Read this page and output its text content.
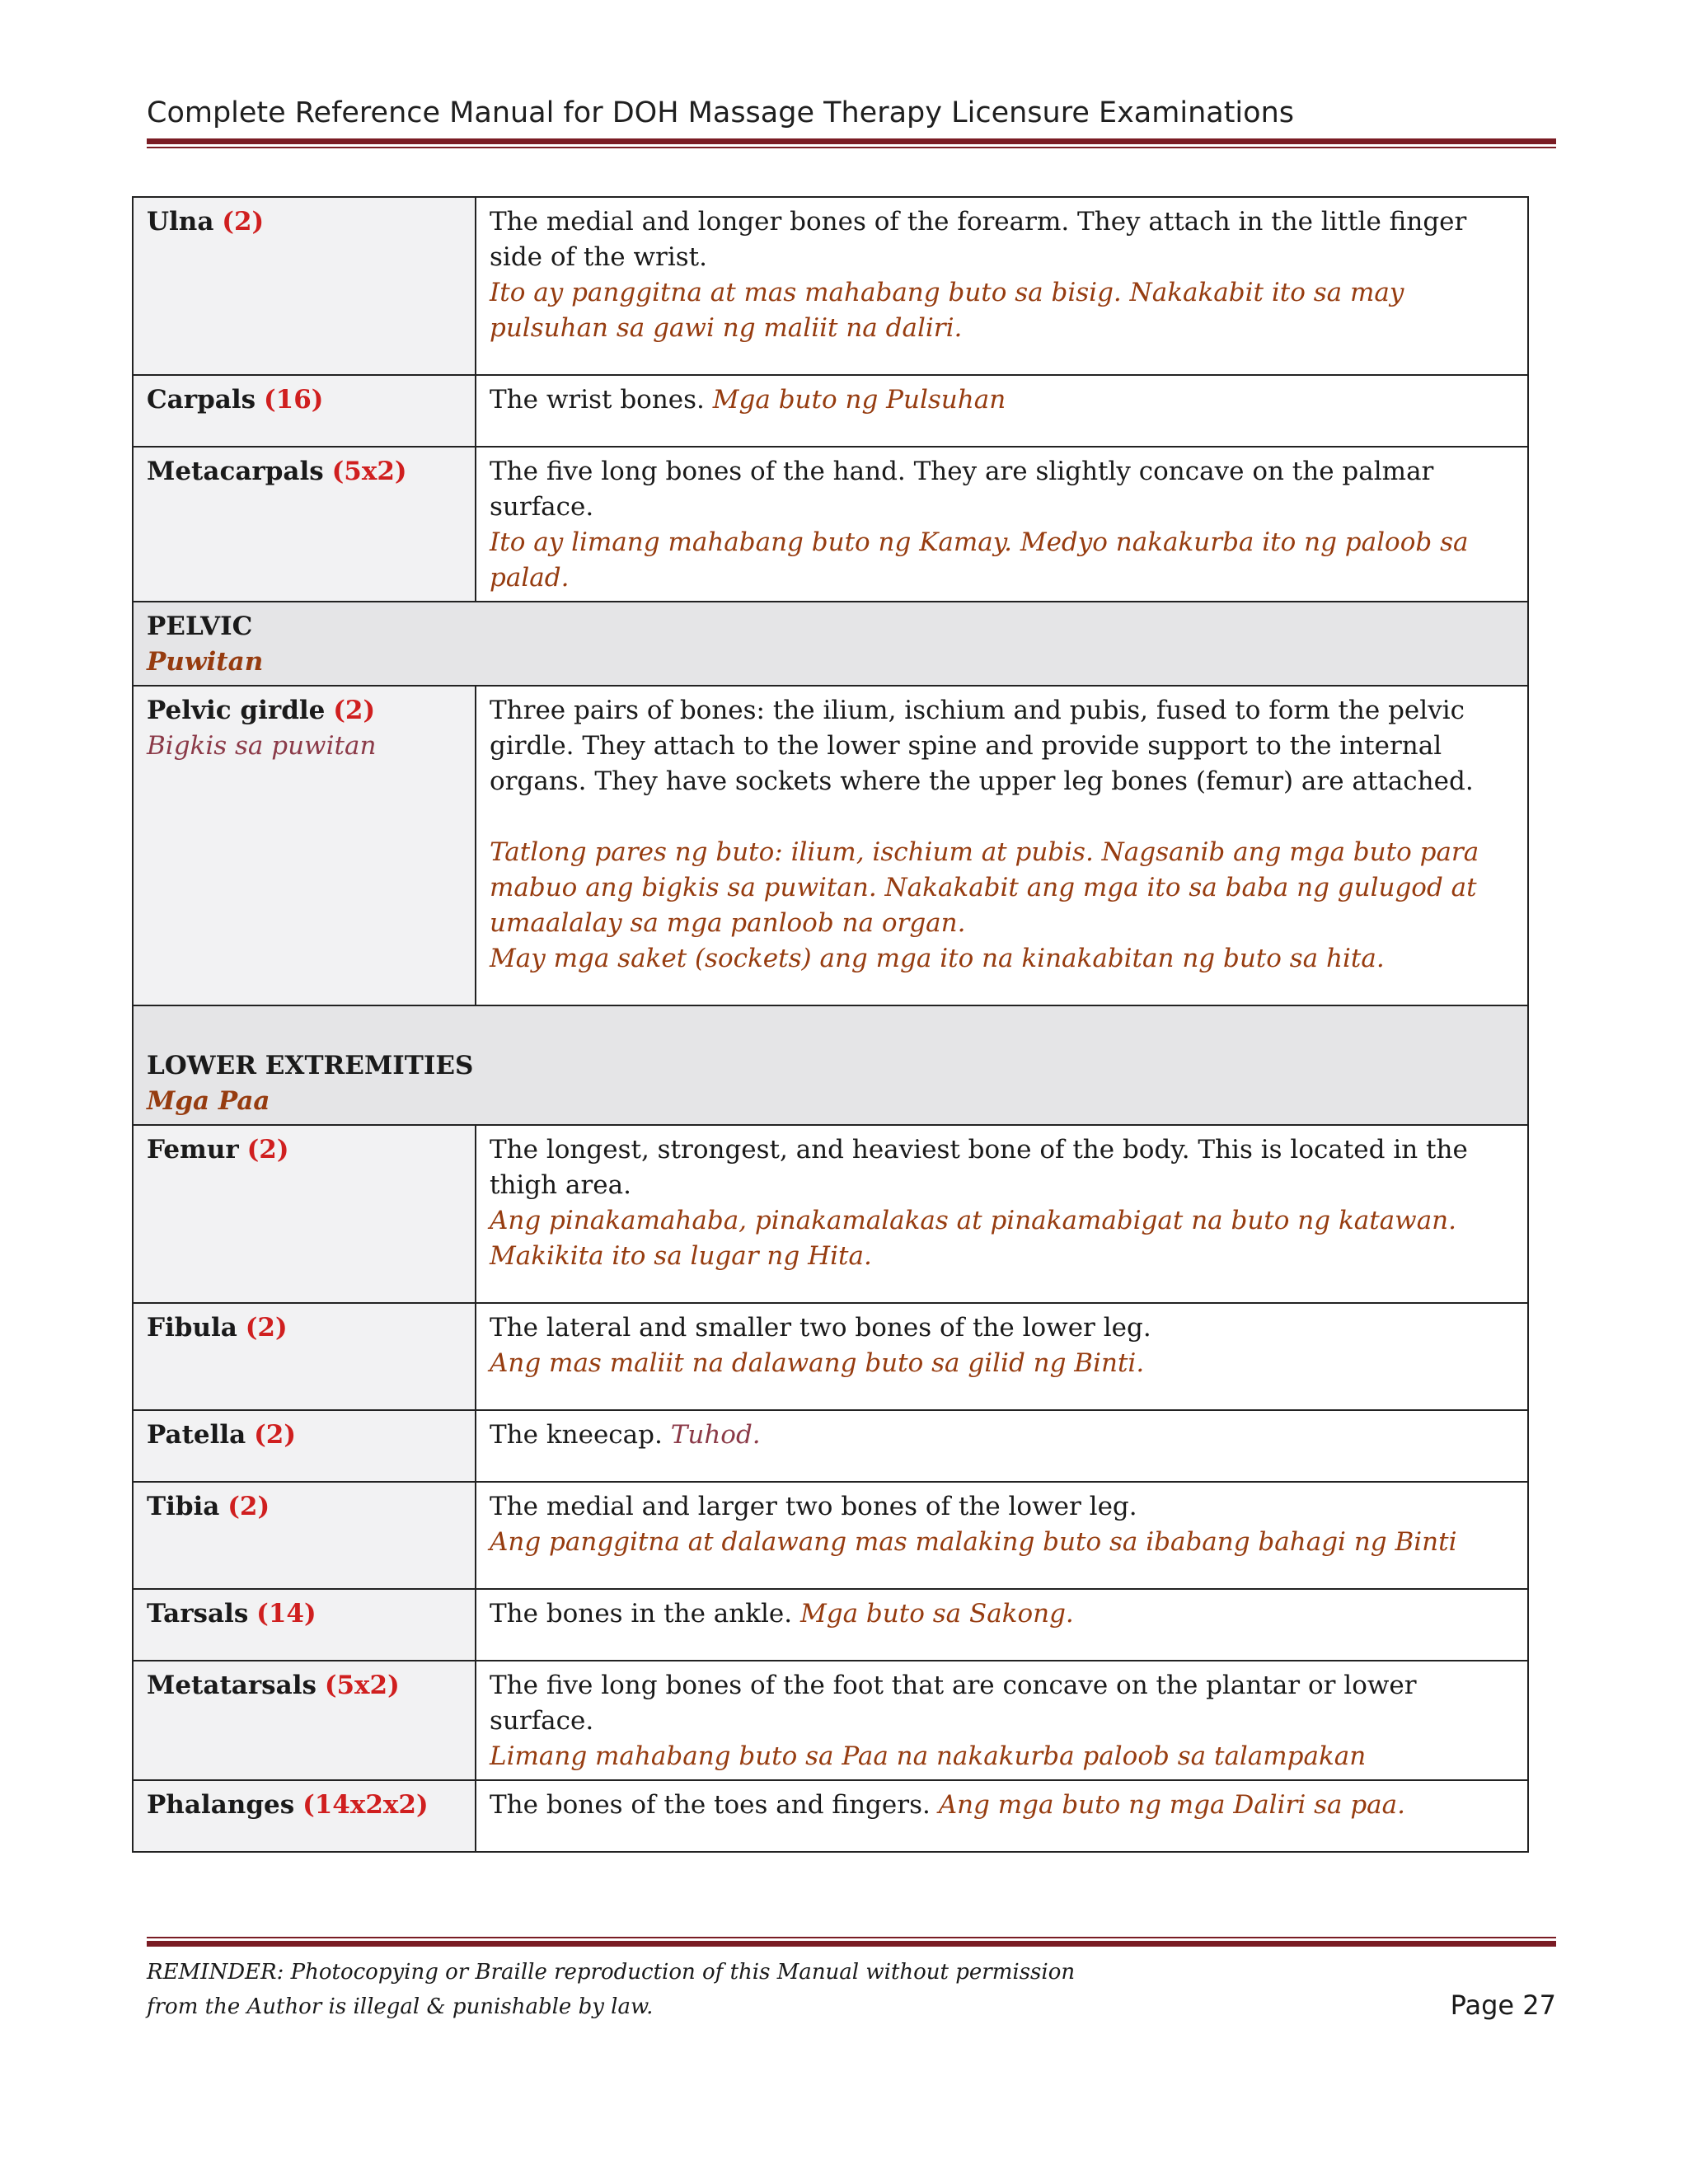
Complete Reference Manual for DOH Massage Therapy Licensure Examinations
Ulna (2)	The medial and longer bones of the forearm. They attach in the little finger side of the wrist.
Ito ay panggitna at mas mahabang buto sa bisig. Nakakabit ito sa may pulsuhan sa gawi ng maliit na daliri.

Carpals (16)	The wrist bones. Mga buto ng Pulsuhan
Metacarpals (5x2)	The five long bones of the hand. They are slightly concave on the palmar surface.
Ito ay limang mahabang buto ng Kamay. Medyo nakakurba ito ng paloob sa palad.

PELVIC
Puwitan	

Pelvic girdle (2)
Bigkis sa puwitan	Three pairs of bones: the ilium, ischium and pubis, fused to form the pelvic girdle. They attach to the lower spine and provide support to the internal organs. They have sockets where the upper leg bones (femur) are attached.
Tatlong pares ng buto: ilium, ischium at pubis. Nagsanib ang mga buto para mabuo ang bigkis sa puwitan. Nakakabit ang mga ito sa baba ng gulugod at umaalalay sa mga panloob na organ.
May mga saket (sockets) ang mga ito na kinakabitan ng buto sa hita.

LOWER EXTREMITIES
Mga Paa	

Femur (2)	The longest, strongest, and heaviest bone of the body. This is located in the thigh area.
Ang pinakamahaba, pinakamalakas at pinakamabigat na buto ng katawan. Makikita ito sa lugar ng Hita.

Fibula (2)	The lateral and smaller two bones of the lower leg.
Ang mas maliit na dalawang buto sa gilid ng Binti.

Patella (2)	The kneecap. Tuhod.
Tibia (2)	The medial and larger two bones of the lower leg.
Ang panggitna at dalawang mas malaking buto sa ibabang bahagi ng Binti

Tarsals (14)	The bones in the ankle. Mga buto sa Sakong.
Metatarsals (5x2)	The five long bones of the foot that are concave on the plantar or lower surface.
Limang mahabang buto sa Paa na nakakurba paloob sa talampakan

Phalanges (14x2x2)	The bones of the toes and fingers. Ang mga buto ng mga Daliri sa paa.
REMINDER: Photocopying or Braille reproduction of this Manual without permission
from the Author is illegal & punishable by law.	Page 27
